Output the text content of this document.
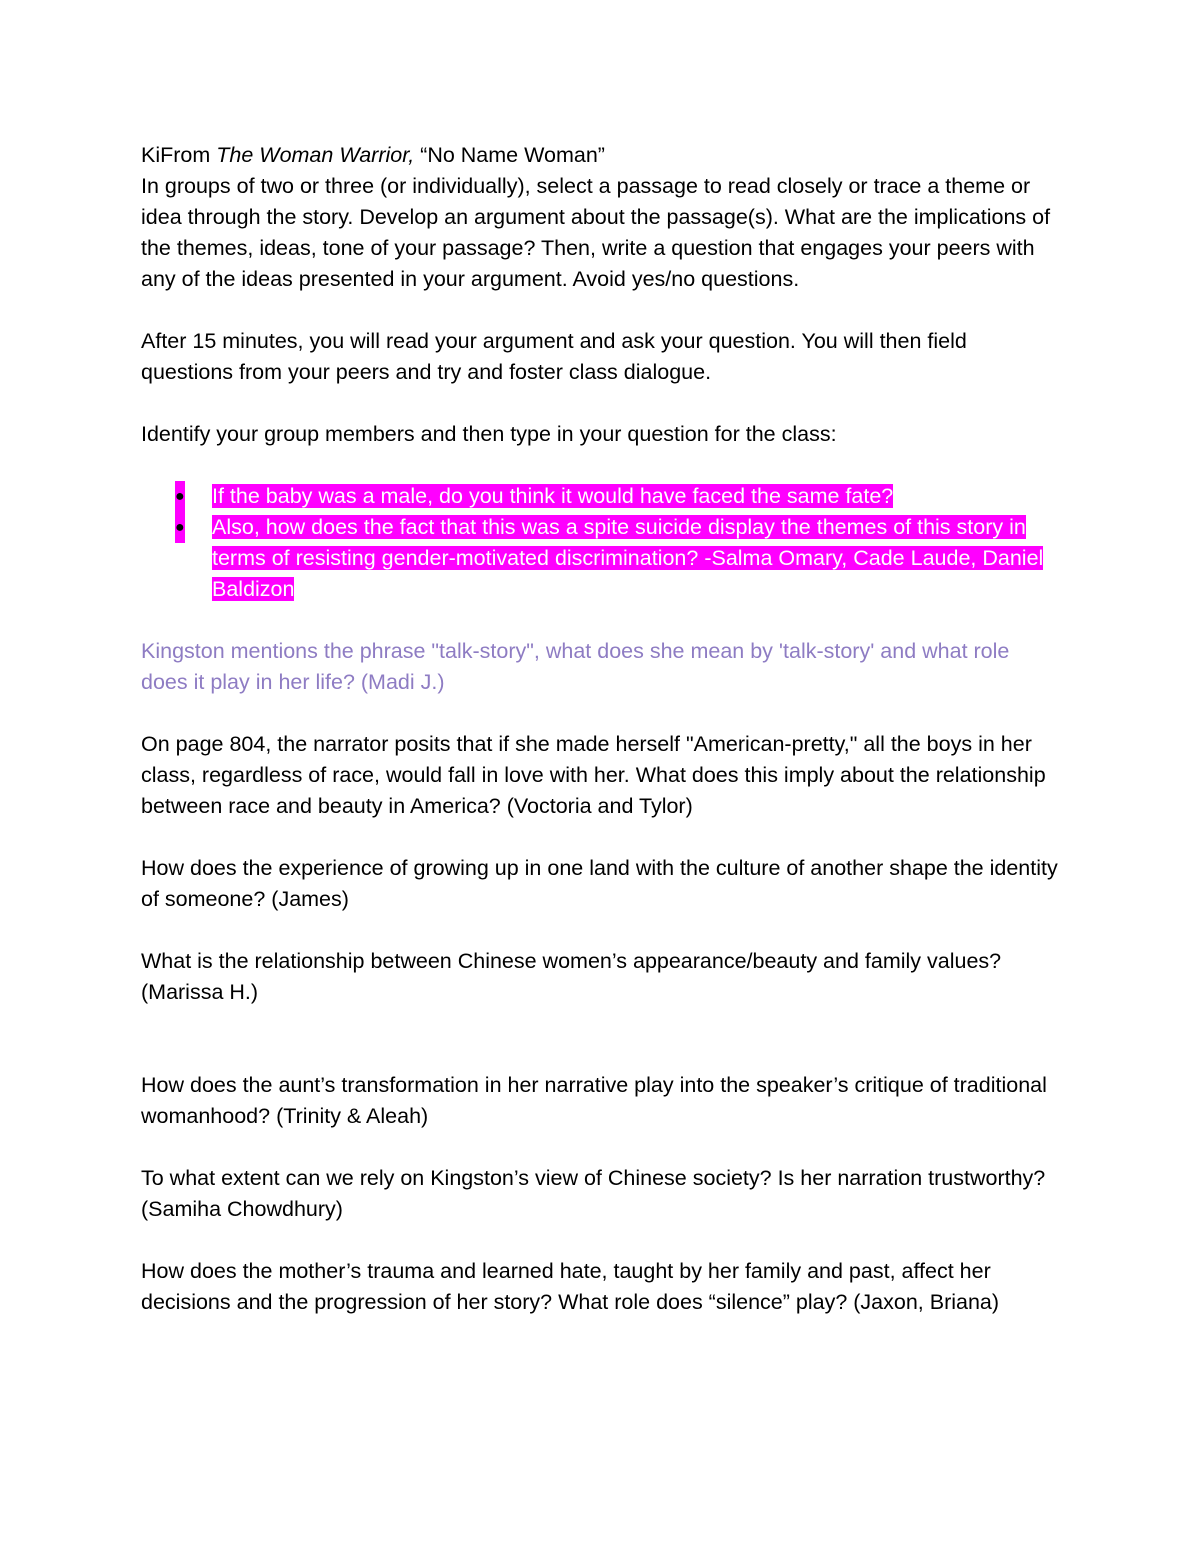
KiFrom The Woman Warrior, “No Name Woman”

In groups of two or three (or individually), select a passage to read closely or trace a theme or idea through the story. Develop an argument about the passage(s). What are the implications of the themes, ideas, tone of your passage? Then, write a question that engages your peers with any of the ideas presented in your argument. Avoid yes/no questions.

After 15 minutes, you will read your argument and ask your question. You will then field questions from your peers and try and foster class dialogue.

Identify your group members and then type in your question for the class:

● If the baby was a male, do you think it would have faced the same fate?
● Also, how does the fact that this was a spite suicide display the themes of this story in terms of resisting gender-motivated discrimination? -Salma Omary, Cade Laude, Daniel Baldizon

Kingston mentions the phrase "talk-story", what does she mean by 'talk-story' and what role does it play in her life? (Madi J.)

On page 804, the narrator posits that if she made herself "American-pretty," all the boys in her class, regardless of race, would fall in love with her. What does this imply about the relationship between race and beauty in America? (Voctoria and Tylor)

How does the experience of growing up in one land with the culture of another shape the identity of someone? (James)

What is the relationship between Chinese women’s appearance/beauty and family values? (Marissa H.)

How does the aunt’s transformation in her narrative play into the speaker’s critique of traditional womanhood? (Trinity & Aleah)

To what extent can we rely on Kingston’s view of Chinese society? Is her narration trustworthy? (Samiha Chowdhury)

How does the mother’s trauma and learned hate, taught by her family and past, affect her decisions and the progression of her story? What role does “silence” play? (Jaxon, Briana)
